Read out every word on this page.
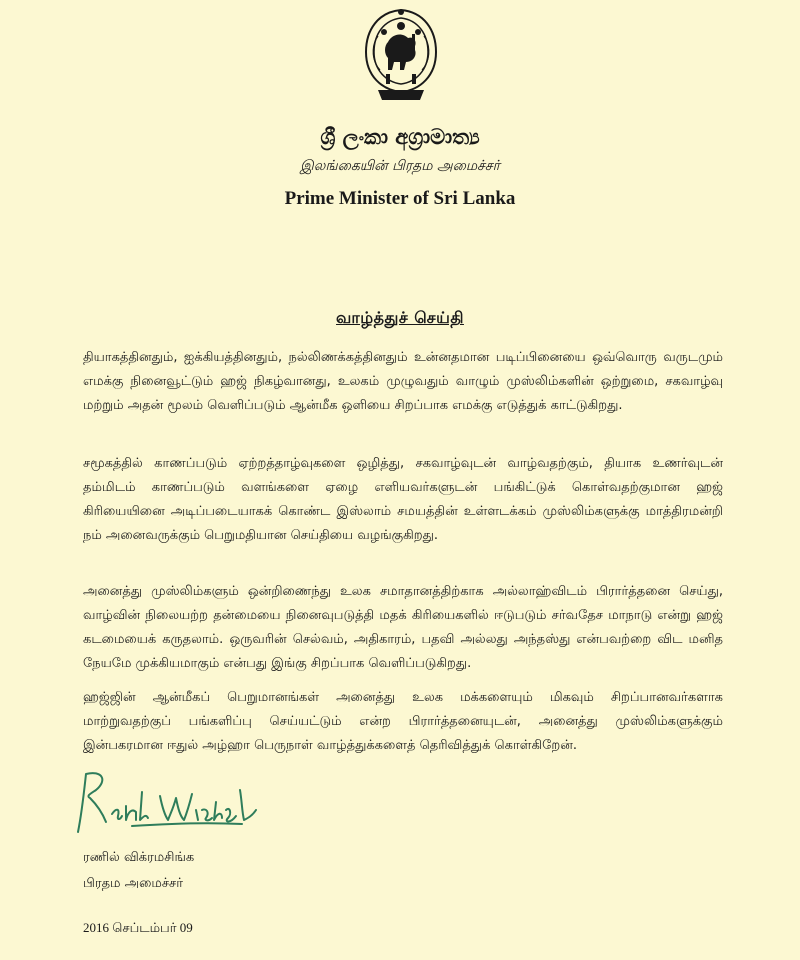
ශ්‍රී ලංකා අග්‍රාමාත්‍ය
இலங்கையின் பிரதம அமைச்சர்
Prime Minister of Sri Lanka
வாழ்த்துச் செய்தி

தியாகத்தினதும், ஐக்கியத்தினதும், நல்லிணக்கத்தினதும் உன்னதமான படிப்பினையை ஒவ்வொரு வருடமும் எமக்கு நினைவூட்டும் ஹஜ் நிகழ்வானது, உலகம் முழுவதும் வாழும் முஸ்லிம்களின் ஒற்றுமை, சகவாழ்வு மற்றும் அதன் மூலம் வெளிப்படும் ஆன்மீக ஒளியை சிறப்பாக எமக்கு எடுத்துக் காட்டுகிறது.

சமூகத்தில் காணப்படும் ஏற்றத்தாழ்வுகளை ஒழித்து, சகவாழ்வுடன் வாழ்வதற்கும், தியாக உணர்வுடன் தம்மிடம் காணப்படும் வளங்களை ஏழை எளியவர்களுடன் பங்கிட்டுக் கொள்வதற்குமான ஹஜ் கிரியையினை அடிப்படையாகக் கொண்ட இஸ்லாம் சமயத்தின் உள்ளடக்கம் முஸ்லிம்களுக்கு மாத்திரமன்றி நம் அனைவருக்கும் பெறுமதியான செய்தியை வழங்குகிறது.

அனைத்து முஸ்லிம்களும் ஒன்றிணைந்து உலக சமாதானத்திற்காக அல்லாஹ்விடம் பிரார்த்தனை செய்து, வாழ்வின் நிலையற்ற தன்மையை நினைவுபடுத்தி மதக் கிரியைகளில் ஈடுபடும் சர்வதேச மாநாடு என்று ஹஜ் கடமையைக் கருதலாம். ஒருவரின் செல்வம், அதிகாரம், பதவி அல்லது அந்தஸ்து என்பவற்றை விட மனித நேயமே முக்கியமாகும் என்பது இங்கு சிறப்பாக வெளிப்படுகிறது.

ஹஜ்ஜின் ஆன்மீகப் பெறுமானங்கள் அனைத்து உலக மக்களையும் மிகவும் சிறப்பானவர்களாக மாற்றுவதற்குப் பங்களிப்பு செய்யட்டும் என்ற பிரார்த்தனையுடன், அனைத்து முஸ்லிம்களுக்கும் இன்பகரமான ஈதுல் அழ்ஹா பெருநாள் வாழ்த்துக்களைத் தெரிவித்துக் கொள்கிறேன்.

ரணில் விக்ரமசிங்க
பிரதம அமைச்சர்
2016 செப்டம்பர் 09
